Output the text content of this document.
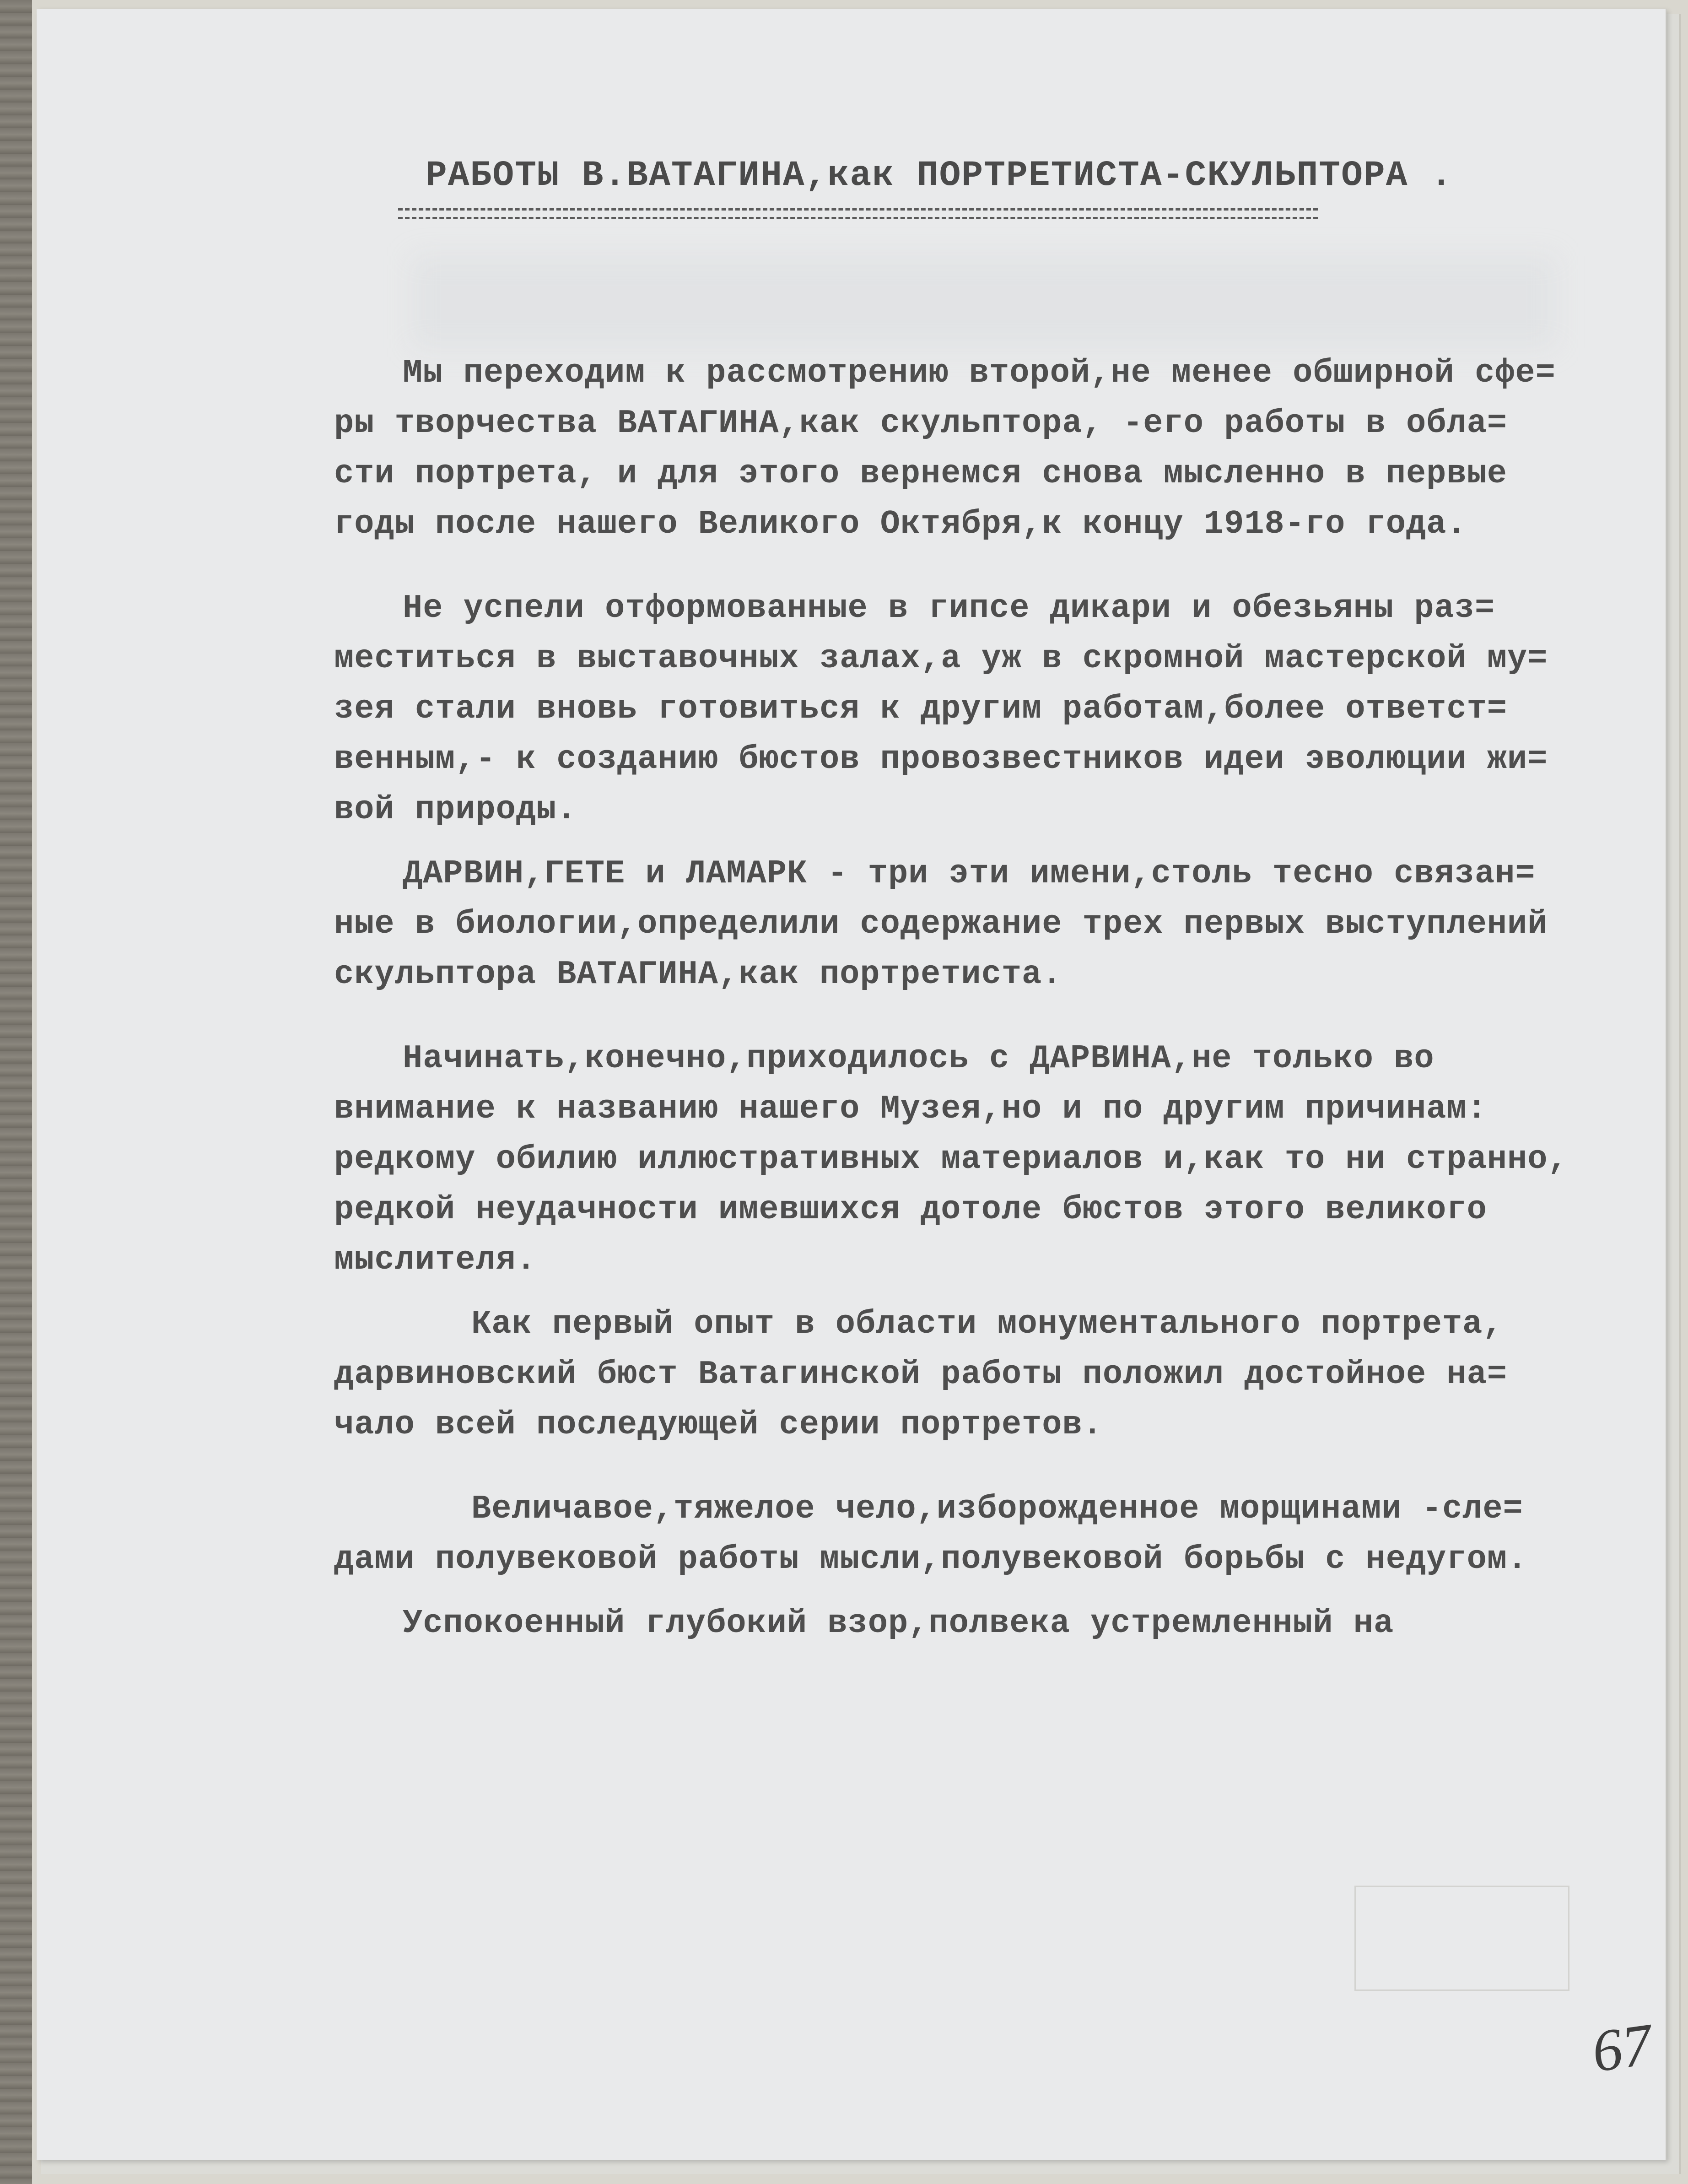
РАБОТЫ В.ВАТАГИНА,как ПОРТРЕТИСТА-СКУЛЬПТОРА .

Мы переходим к рассмотрению второй,не менее обширной сфе=
ры творчества ВАТАГИНА,как скульптора, -его работы в обла=
сти портрета, и для этого вернемся снова мысленно в первые
годы после нашего Великого Октября,к концу 1918-го года.

Не успели отформованные в гипсе дикари и обезьяны раз=
меститься в выставочных залах,а уж в скромной мастерской му=
зея стали вновь готовиться к другим работам,более ответст=
венным,- к созданию бюстов провозвестников идеи эволюции жи=
вой природы.

ДАРВИН,ГЕТЕ и ЛАМАРК - три эти имени,столь тесно связан=
ные в биологии,определили содержание трех первых выступлений
скульптора ВАТАГИНА,как портретиста.

Начинать,конечно,приходилось с ДАРВИНА,не только во
внимание к названию нашего Музея,но и по другим причинам:
редкому обилию иллюстративных материалов и,как то ни странно,
редкой неудачности имевшихся дотоле бюстов этого великого
мыслителя.

Как первый опыт в области монументального портрета,
дарвиновский бюст Ватагинской работы положил достойное на=
чало всей последующей серии портретов.

Величавое,тяжелое чело,изборожденное морщинами -сле=
дами полувековой работы мысли,полувековой борьбы с недугом.

Успокоенный глубокий взор,полвека устремленный на

67
